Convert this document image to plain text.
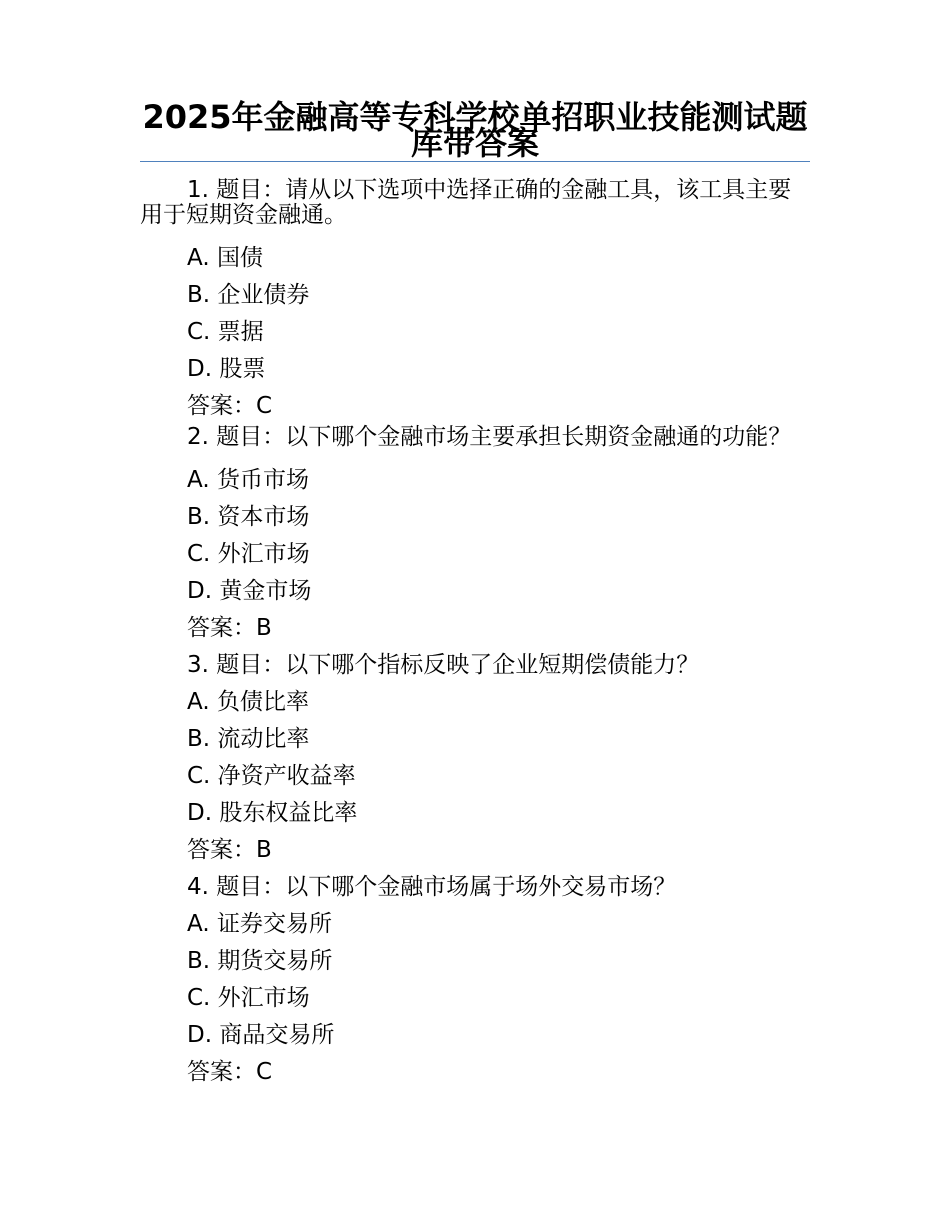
2025年金融高等专科学校单招职业技能测试题库带答案

1. 题目：请从以下选项中选择正确的金融工具，该工具主要用于短期资金融通。

A. 国债

B. 企业债券

C. 票据

D. 股票

答案：C

2. 题目：以下哪个金融市场主要承担长期资金融通的功能？

A. 货币市场

B. 资本市场

C. 外汇市场

D. 黄金市场

答案：B

3. 题目：以下哪个指标反映了企业短期偿债能力？

A. 负债比率

B. 流动比率

C. 净资产收益率

D. 股东权益比率

答案：B

4. 题目：以下哪个金融市场属于场外交易市场？

A. 证券交易所

B. 期货交易所

C. 外汇市场

D. 商品交易所

答案：C
